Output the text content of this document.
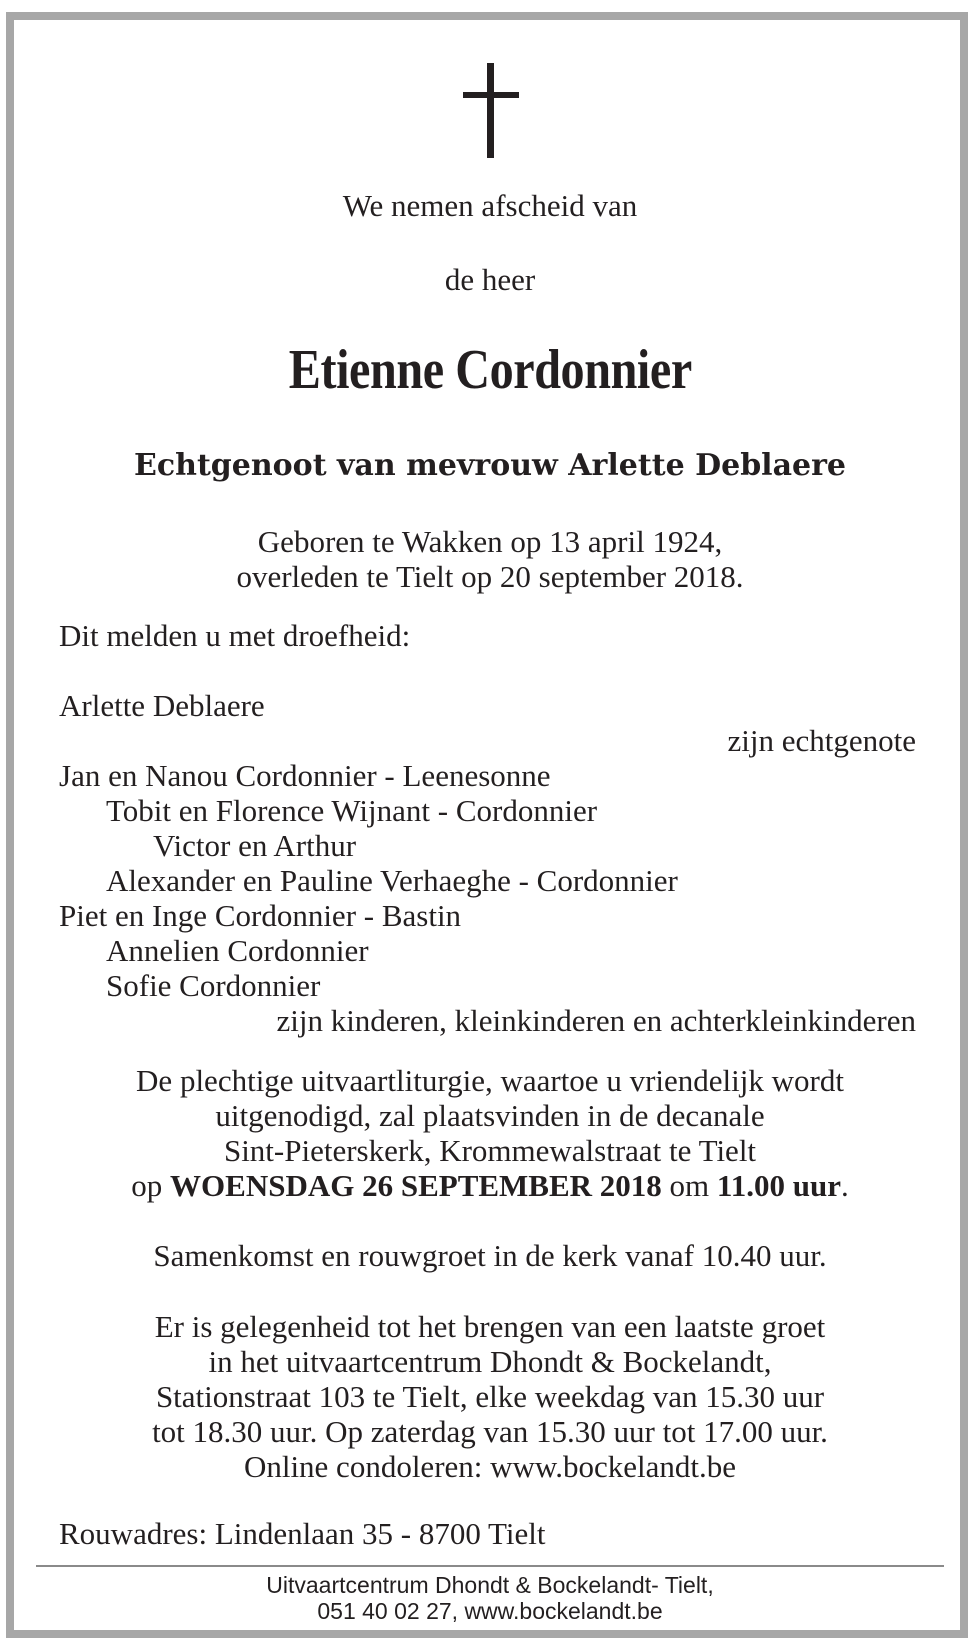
We nemen afscheid van
de heer
Etienne Cordonnier
Echtgenoot van mevrouw Arlette Deblaere
Geboren te Wakken op 13 april 1924,
overleden te Tielt op 20 september 2018.
Dit melden u met droefheid:
Arlette Deblaere
zijn echtgenote
Jan en Nanou Cordonnier - Leenesonne
Tobit en Florence Wijnant - Cordonnier
Victor en Arthur
Alexander en Pauline Verhaeghe - Cordonnier
Piet en Inge Cordonnier - Bastin
Annelien Cordonnier
Sofie Cordonnier
zijn kinderen, kleinkinderen en achterkleinkinderen
De plechtige uitvaartliturgie, waartoe u vriendelijk wordt
uitgenodigd, zal plaatsvinden in de decanale
Sint-Pieterskerk, Krommewalstraat te Tielt
op WOENSDAG 26 SEPTEMBER 2018 om 11.00 uur.
Samenkomst en rouwgroet in de kerk vanaf 10.40 uur.
Er is gelegenheid tot het brengen van een laatste groet
in het uitvaartcentrum Dhondt & Bockelandt,
Stationstraat 103 te Tielt, elke weekdag van 15.30 uur
tot 18.30 uur. Op zaterdag van 15.30 uur tot 17.00 uur.
Online condoleren: www.bockelandt.be
Rouwadres: Lindenlaan 35 - 8700 Tielt
Uitvaartcentrum Dhondt & Bockelandt- Tielt,
051 40 02 27, www.bockelandt.be
